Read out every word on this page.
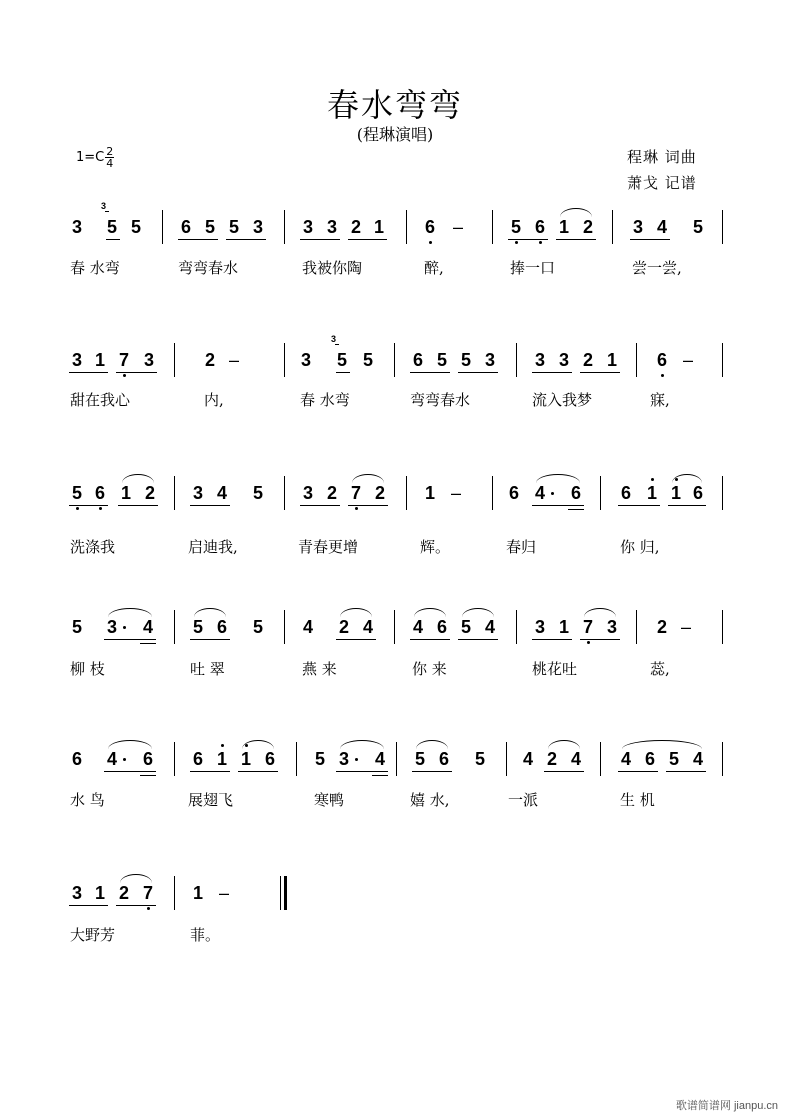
春水弯弯
(程琳演唱)
$1=C \frac{2}{4}$	程琳 词曲
萧戈 记谱
3
3
5 5 6 5 5 3 3 3 2 1 6 –	5 6 1 2 3 4 5
3 1 7 3	2 –	3
3
5 5 6 5 5 3 3 3 2 1 6 –
5 6 1 2 3 4 5 3 2 7 2 1 –	6 4 6 6 1 1 6
5 3 4 5 6 5 4 2 4 4 6 5 4 3 1 7 3 2 –
6 4 6 6 1 1 6 5 3 4 5 6 5 4 2 4 4 6 5 4
3 1 2 7 1 –
春 水弯	弯弯春水	我被你陶	醉,	捧一口	尝一尝,
甜在我心	内,	春 水弯	弯弯春水	流入我梦	寐,
洗涤我	启迪我,	青春更增	辉。	春归	你 归,
柳 枝	吐 翠	燕 来	你 来	桃花吐	蕊,
水 鸟	展翅飞	寒鸭	嬉 水,	一派	生 机
大野芳	菲。
歌谱简谱网 jianpu.cn
